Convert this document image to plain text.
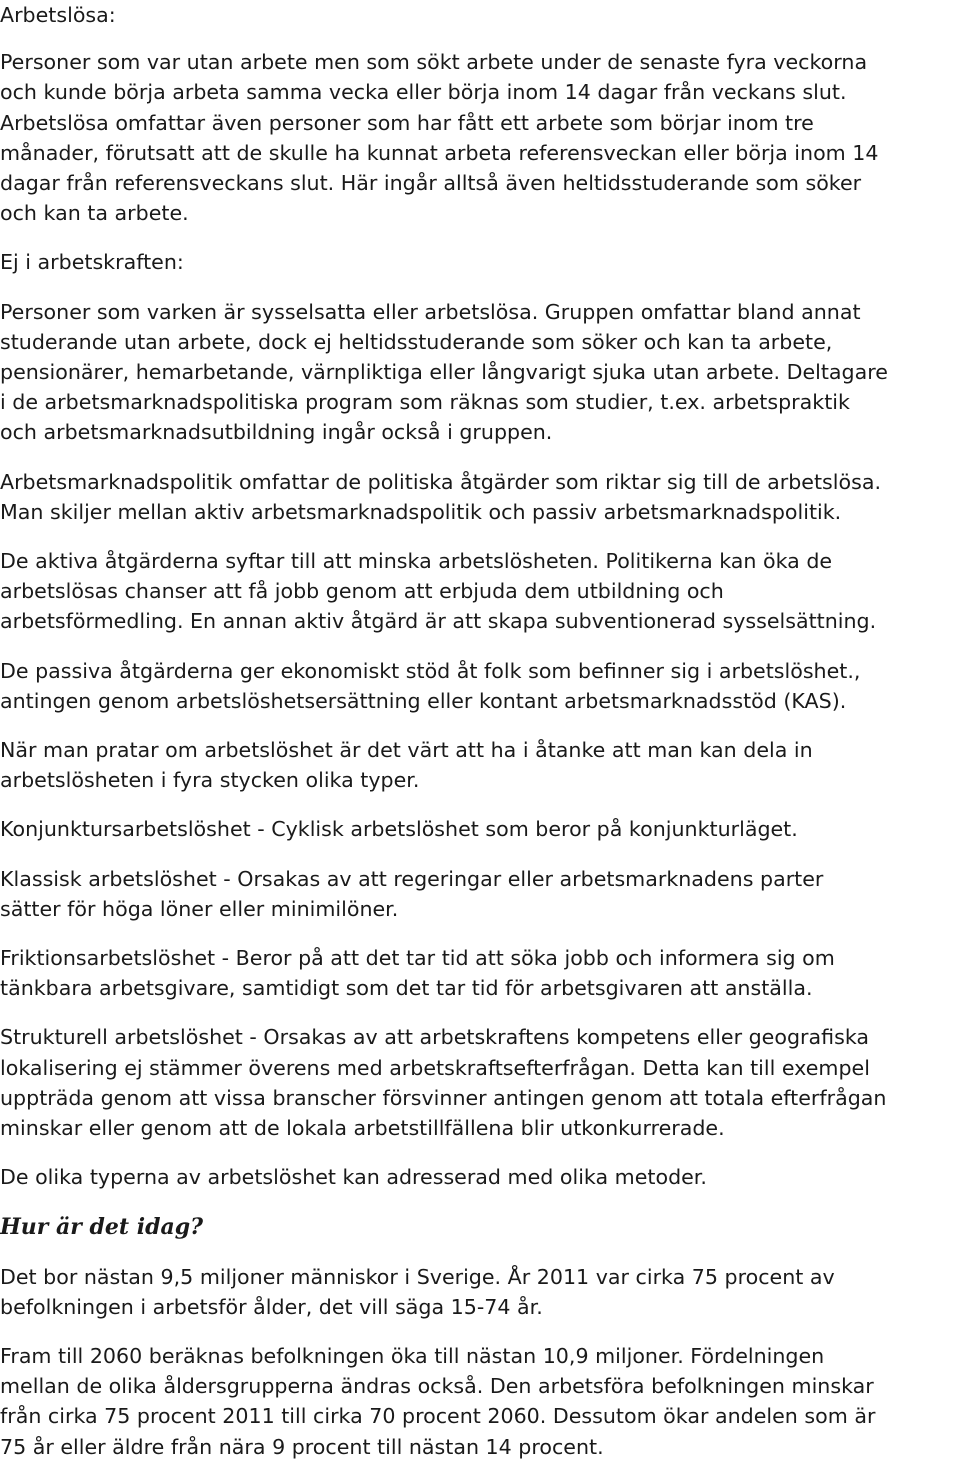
Arbetslösa:
Personer som var utan arbete men som sökt arbete under de senaste fyra veckorna
och kunde börja arbeta samma vecka eller börja inom 14 dagar från veckans slut.
Arbetslösa omfattar även personer som har fått ett arbete som börjar inom tre
månader, förutsatt att de skulle ha kunnat arbeta referensveckan eller börja inom 14
dagar från referensveckans slut. Här ingår alltså även heltidsstuderande som söker
och kan ta arbete.
Ej i arbetskraften:
Personer som varken är sysselsatta eller arbetslösa. Gruppen omfattar bland annat
studerande utan arbete, dock ej heltidsstuderande som söker och kan ta arbete,
pensionärer, hemarbetande, värnpliktiga eller långvarigt sjuka utan arbete. Deltagare
i de arbetsmarknadspolitiska program som räknas som studier, t.ex. arbetspraktik
och arbetsmarknadsutbildning ingår också i gruppen.
Arbetsmarknadspolitik omfattar de politiska åtgärder som riktar sig till de arbetslösa.
Man skiljer mellan aktiv arbetsmarknadspolitik och passiv arbetsmarknadspolitik.
De aktiva åtgärderna syftar till att minska arbetslösheten. Politikerna kan öka de
arbetslösas chanser att få jobb genom att erbjuda dem utbildning och
arbetsförmedling. En annan aktiv åtgärd är att skapa subventionerad sysselsättning.
De passiva åtgärderna ger ekonomiskt stöd åt folk som befinner sig i arbetslöshet.,
antingen genom arbetslöshetsersättning eller kontant arbetsmarknadsstöd (KAS).
När man pratar om arbetslöshet är det värt att ha i åtanke att man kan dela in
arbetslösheten i fyra stycken olika typer.
Konjunktursarbetslöshet - Cyklisk arbetslöshet som beror på konjunkturläget.
Klassisk arbetslöshet - Orsakas av att regeringar eller arbetsmarknadens parter
sätter för höga löner eller minimilöner.
Friktionsarbetslöshet - Beror på att det tar tid att söka jobb och informera sig om
tänkbara arbetsgivare, samtidigt som det tar tid för arbetsgivaren att anställa.
Strukturell arbetslöshet - Orsakas av att arbetskraftens kompetens eller geografiska
lokalisering ej stämmer överens med arbetskraftsefterfrågan. Detta kan till exempel
uppträda genom att vissa branscher försvinner antingen genom att totala efterfrågan
minskar eller genom att de lokala arbetstillfällena blir utkonkurrerade.
De olika typerna av arbetslöshet kan adresserad med olika metoder.
Hur är det idag?
Det bor nästan 9,5 miljoner människor i Sverige. År 2011 var cirka 75 procent av
befolkningen i arbetsför ålder, det vill säga 15-74 år.
Fram till 2060 beräknas befolkningen öka till nästan 10,9 miljoner. Fördelningen
mellan de olika åldersgrupperna ändras också. Den arbetsföra befolkningen minskar
från cirka 75 procent 2011 till cirka 70 procent 2060. Dessutom ökar andelen som är
75 år eller äldre från nära 9 procent till nästan 14 procent.
